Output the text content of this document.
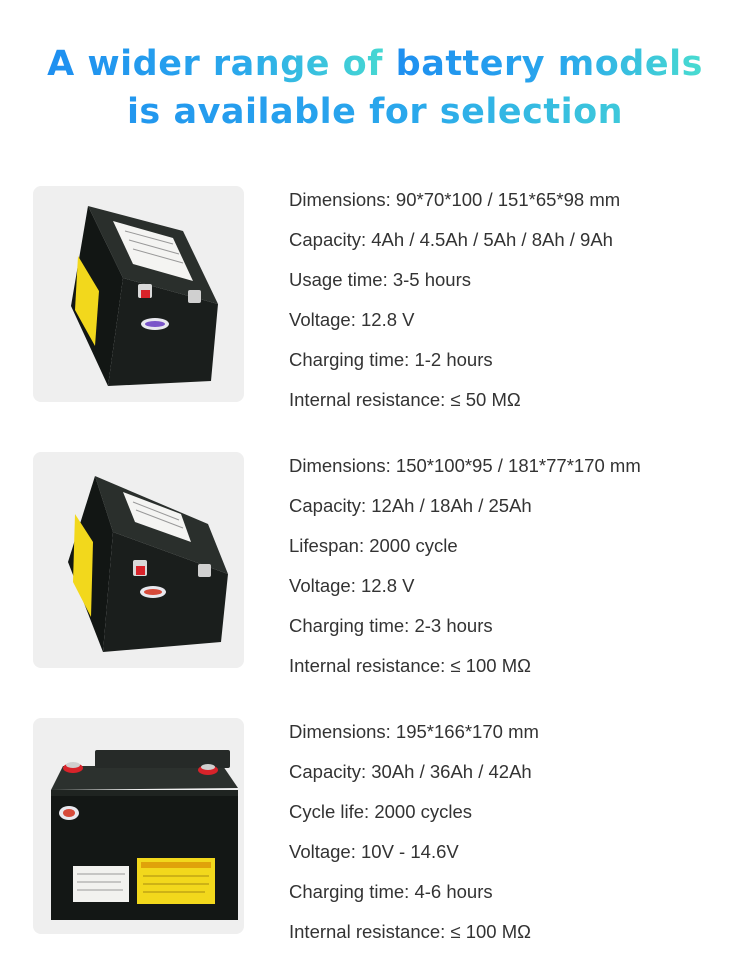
A wider range of battery models
is available for selection
Dimensions: 90*70*100 / 151*65*98 mm
Capacity: 4Ah / 4.5Ah / 5Ah / 8Ah / 9Ah
Usage time: 3-5 hours
Voltage: 12.8 V
Charging time: 1-2 hours
Internal resistance: ≤ 50 MΩ
Dimensions: 150*100*95 / 181*77*170 mm
Capacity: 12Ah / 18Ah / 25Ah
Lifespan: 2000 cycle
Voltage: 12.8 V
Charging time: 2-3 hours
Internal resistance: ≤ 100 MΩ
Dimensions: 195*166*170 mm
Capacity: 30Ah / 36Ah / 42Ah
Cycle life: 2000 cycles
Voltage: 10V - 14.6V
Charging time: 4-6 hours
Internal resistance: ≤ 100 MΩ
